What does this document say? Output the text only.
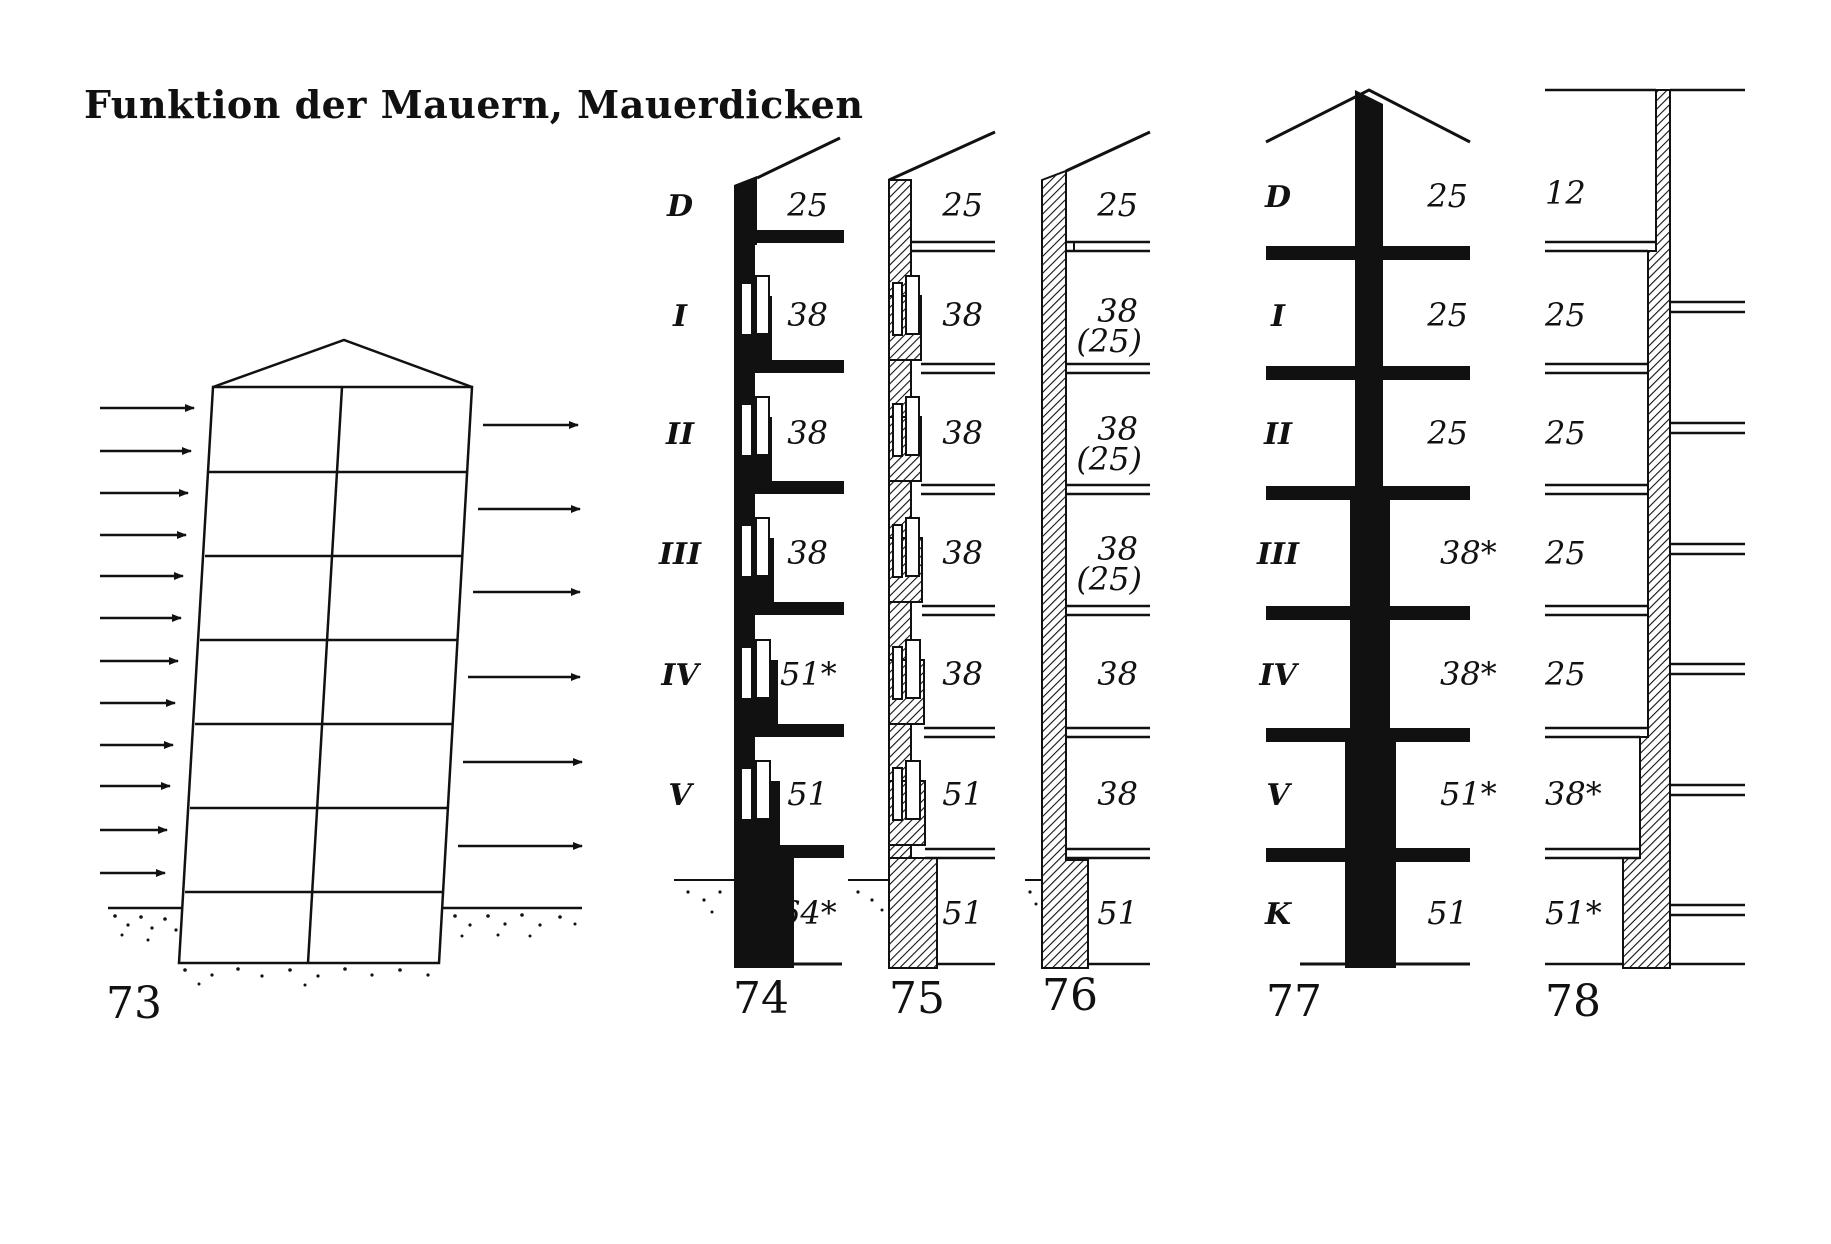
Funktion der Mauern, Mauerdicken
D
I
II
III
IV
V
25
38
38
38
51*
51
64*
74
25
38
38
38
38
51
51
75
25
38
(25)
38
(25)
38
(25)
38
38
51
76
D
I
II
III
IV
V
K
25
25
25
38*
38*
51*
51
77
12
25
25
25
25
38*
51*
78
73
